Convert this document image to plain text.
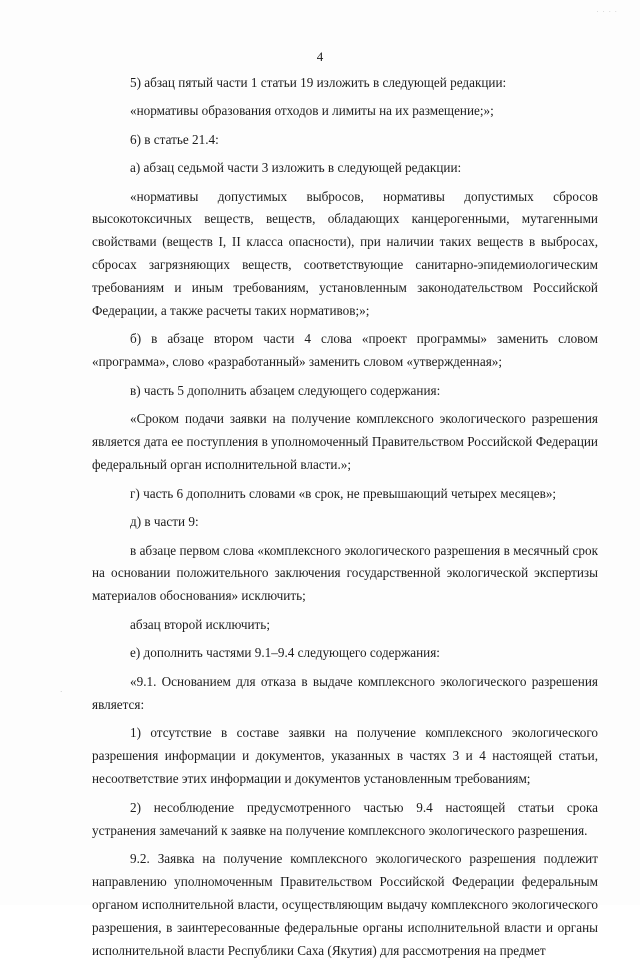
· · · ·
4

5) абзац пятый части 1 статьи 19 изложить в следующей редакции:

«нормативы образования отходов и лимиты на их размещение;»;

6) в статье 21.4:

а) абзац седьмой части 3 изложить в следующей редакции:

«нормативы допустимых выбросов, нормативы допустимых сбросов высокотоксичных веществ, веществ, обладающих канцерогенными, мутагенными свойствами (веществ I, II класса опасности), при наличии таких веществ в выбросах, сбросах загрязняющих веществ, соответствующие санитарно-эпидемиологическим требованиям и иным требованиям, установленным законодательством Российской Федерации, а также расчеты таких нормативов;»;

б) в абзаце втором части 4 слова «проект программы» заменить словом «программа», слово «разработанный» заменить словом «утвержденная»;

в) часть 5 дополнить абзацем следующего содержания:

«Сроком подачи заявки на получение комплексного экологического разрешения является дата ее поступления в уполномоченный Правительством Российской Федерации федеральный орган исполнительной власти.»;

г) часть 6 дополнить словами «в срок, не превышающий четырех месяцев»;

д) в части 9:

в абзаце первом слова «комплексного экологического разрешения в месячный срок на основании положительного заключения государственной экологической экспертизы материалов обоснования» исключить;

абзац второй исключить;

е) дополнить частями 9.1–9.4 следующего содержания:

«9.1. Основанием для отказа в выдаче комплексного экологического разрешения является:

1) отсутствие в составе заявки на получение комплексного экологического разрешения информации и документов, указанных в частях 3 и 4 настоящей статьи, несоответствие этих информации и документов установленным требованиям;

2) несоблюдение предусмотренного частью 9.4 настоящей статьи срока устранения замечаний к заявке на получение комплексного экологического разрешения.

9.2. Заявка на получение комплексного экологического разрешения подлежит направлению уполномоченным Правительством Российской Федерации федеральным органом исполнительной власти, осуществляющим выдачу комплексного экологического разрешения, в заинтересованные федеральные органы исполнительной власти и органы исполнительной власти Республики Саха (Якутия) для рассмотрения на предмет

·
